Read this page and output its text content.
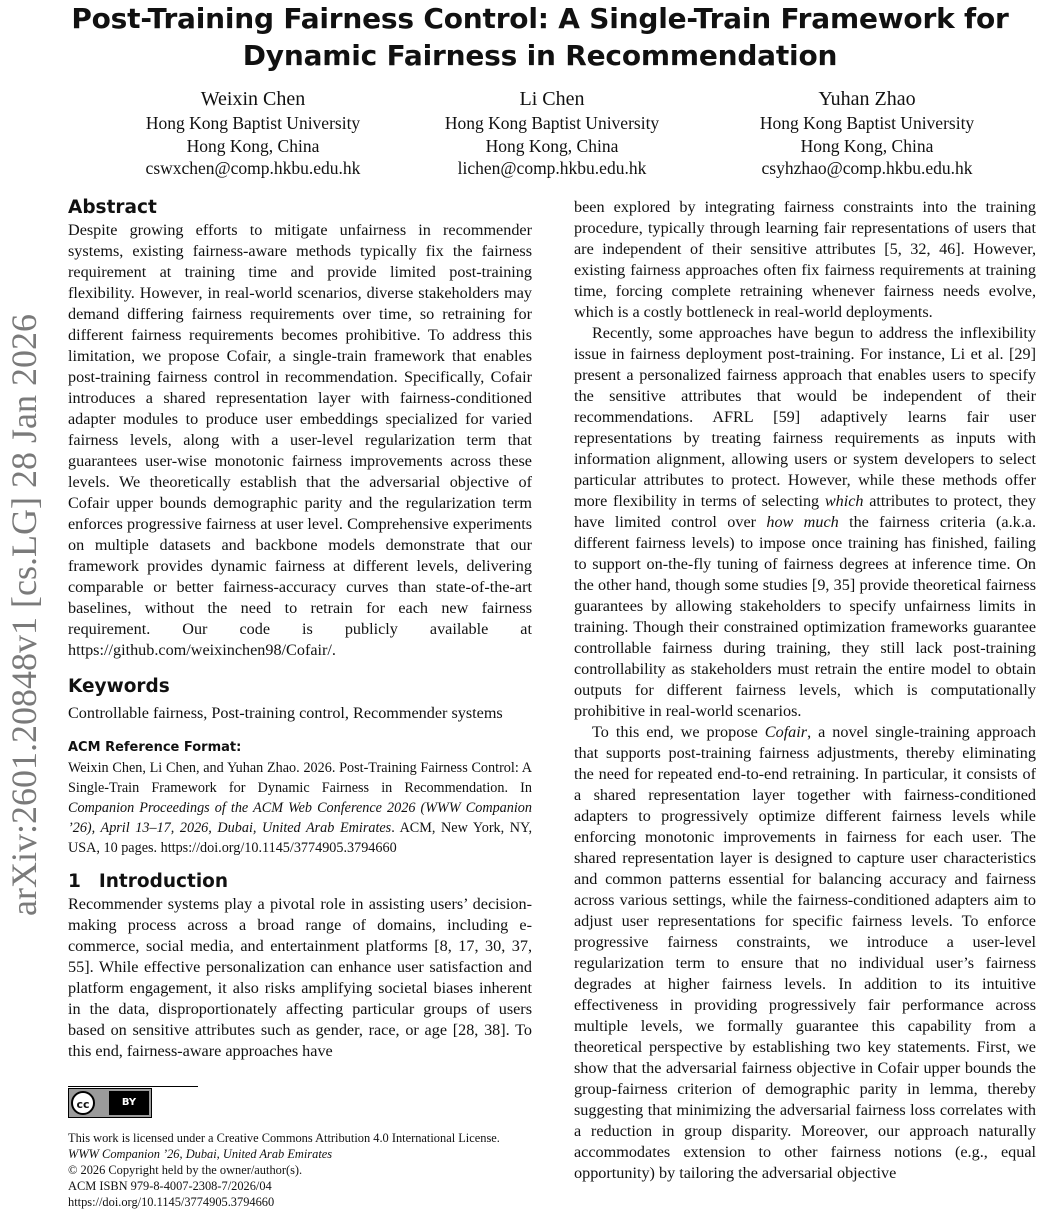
Post-Training Fairness Control: A Single-Train Framework for
Dynamic Fairness in Recommendation
Weixin Chen
Hong Kong Baptist University
Hong Kong, China
cswxchen@comp.hkbu.edu.hk
Li Chen
Hong Kong Baptist University
Hong Kong, China
lichen@comp.hkbu.edu.hk
Yuhan Zhao
Hong Kong Baptist University
Hong Kong, China
csyhzhao@comp.hkbu.edu.hk
arXiv:2601.20848v1 [cs.LG] 28 Jan 2026
Abstract

Despite growing efforts to mitigate unfairness in recommender systems, existing fairness-aware methods typically fix the fairness requirement at training time and provide limited post-training flexibility. However, in real-world scenarios, diverse stakeholders may demand differing fairness requirements over time, so retraining for different fairness requirements becomes prohibitive. To address this limitation, we propose Cofair, a single-train framework that enables post-training fairness control in recommendation. Specifically, Cofair introduces a shared representation layer with fairness-conditioned adapter modules to produce user embeddings specialized for varied fairness levels, along with a user-level regularization term that guarantees user-wise monotonic fairness improvements across these levels. We theoretically establish that the adversarial objective of Cofair upper bounds demographic parity and the regularization term enforces progressive fairness at user level. Comprehensive experiments on multiple datasets and backbone models demonstrate that our framework provides dynamic fairness at different levels, delivering comparable or better fairness-accuracy curves than state-of-the-art baselines, without the need to retrain for each new fairness requirement. Our code is publicly available at https://github.com/weixinchen98/Cofair/.

Keywords

Controllable fairness, Post-training control, Recommender systems

ACM Reference Format:

Weixin Chen, Li Chen, and Yuhan Zhao. 2026. Post-Training Fairness Control: A Single-Train Framework for Dynamic Fairness in Recommendation. In Companion Proceedings of the ACM Web Conference 2026 (WWW Companion ’26), April 13–17, 2026, Dubai, United Arab Emirates. ACM, New York, NY, USA, 10 pages. https://doi.org/10.1145/3774905.3794660

1 Introduction

Recommender systems play a pivotal role in assisting users’ decision-making process across a broad range of domains, including e-commerce, social media, and entertainment platforms [8, 17, 30, 37, 55]. While effective personalization can enhance user satisfaction and platform engagement, it also risks amplifying societal biases inherent in the data, disproportionately affecting particular groups of users based on sensitive attributes such as gender, race, or age [28, 38]. To this end, fairness-aware approaches have

cc	BY
This work is licensed under a Creative Commons Attribution 4.0 International License.
WWW Companion ’26, Dubai, United Arab Emirates
© 2026 Copyright held by the owner/author(s).
ACM ISBN 979-8-4007-2308-7/2026/04
https://doi.org/10.1145/3774905.3794660

been explored by integrating fairness constraints into the training procedure, typically through learning fair representations of users that are independent of their sensitive attributes [5, 32, 46]. However, existing fairness approaches often fix fairness requirements at training time, forcing complete retraining whenever fairness needs evolve, which is a costly bottleneck in real-world deployments.

Recently, some approaches have begun to address the inflexibility issue in fairness deployment post-training. For instance, Li et al. [29] present a personalized fairness approach that enables users to specify the sensitive attributes that would be independent of their recommendations. AFRL [59] adaptively learns fair user representations by treating fairness requirements as inputs with information alignment, allowing users or system developers to select particular attributes to protect. However, while these methods offer more flexibility in terms of selecting which attributes to protect, they have limited control over how much the fairness criteria (a.k.a. different fairness levels) to impose once training has finished, failing to support on-the-fly tuning of fairness degrees at inference time. On the other hand, though some studies [9, 35] provide theoretical fairness guarantees by allowing stakeholders to specify unfairness limits in training. Though their constrained optimization frameworks guarantee controllable fairness during training, they still lack post-training controllability as stakeholders must retrain the entire model to obtain outputs for different fairness levels, which is computationally prohibitive in real-world scenarios.

To this end, we propose Cofair, a novel single-training approach that supports post-training fairness adjustments, thereby eliminating the need for repeated end-to-end retraining. In particular, it consists of a shared representation layer together with fairness-conditioned adapters to progressively optimize different fairness levels while enforcing monotonic improvements in fairness for each user. The shared representation layer is designed to capture user characteristics and common patterns essential for balancing accuracy and fairness across various settings, while the fairness-conditioned adapters aim to adjust user representations for specific fairness levels. To enforce progressive fairness constraints, we introduce a user-level regularization term to ensure that no individual user’s fairness degrades at higher fairness levels. In addition to its intuitive effectiveness in providing progressively fair performance across multiple levels, we formally guarantee this capability from a theoretical perspective by establishing two key statements. First, we show that the adversarial fairness objective in Cofair upper bounds the group-fairness criterion of demographic parity in lemma, thereby suggesting that minimizing the adversarial fairness loss correlates with a reduction in group disparity. Moreover, our approach naturally accommodates extension to other fairness notions (e.g., equal opportunity) by tailoring the adversarial objective
